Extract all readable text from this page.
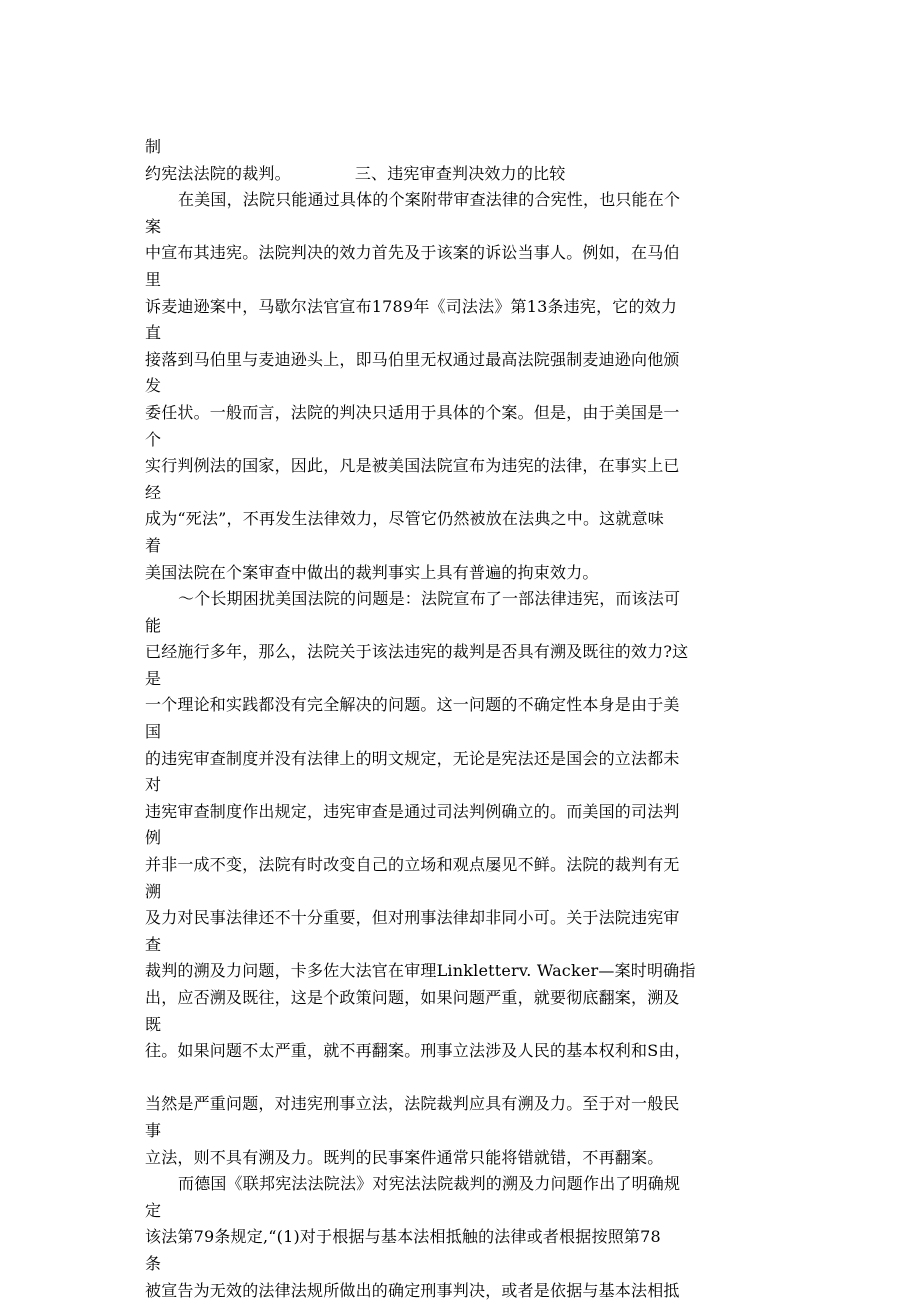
制
约宪法法院的裁判。	三、违宪审查判决效力的比较
在美国，法院只能通过具体的个案附带审查法律的合宪性，也只能在个
案
中宣布其违宪。法院判决的效力首先及于该案的诉讼当事人。例如，在马伯
里
诉麦迪逊案中，马歇尔法官宣布1789年《司法法》第13条违宪，它的效力
直
接落到马伯里与麦迪逊头上，即马伯里无权通过最高法院强制麦迪逊向他颁
发
委任状。一般而言，法院的判决只适用于具体的个案。但是，由于美国是一
个
实行判例法的国家，因此，凡是被美国法院宣布为违宪的法律，在事实上已
经
成为“死法”，不再发生法律效力，尽管它仍然被放在法典之中。这就意味
着
美国法院在个案审查中做出的裁判事实上具有普遍的拘束效力。
〜个长期困扰美国法院的问题是：法院宣布了一部法律违宪，而该法可
能
已经施行多年，那么，法院关于该法违宪的裁判是否具有溯及既往的效力?这
是
一个理论和实践都没有完全解决的问题。这一问题的不确定性本身是由于美
国
的违宪审查制度并没有法律上的明文规定，无论是宪法还是国会的立法都未
对
违宪审查制度作出规定，违宪审查是通过司法判例确立的。而美国的司法判
例
并非一成不变，法院有时改变自己的立场和观点屡见不鲜。法院的裁判有无
溯
及力对民事法律还不十分重要，但对刑事法律却非同小可。关于法院违宪审
查
裁判的溯及力问题，卡多佐大法官在审理Linkletterv. Wacker—案时明确指
出，应否溯及既往，这是个政策问题，如果问题严重，就要彻底翻案，溯及
既
往。如果问题不太严重，就不再翻案。刑事立法涉及人民的基本权利和S由，
当然是严重问题，对违宪刑事立法，法院裁判应具有溯及力。至于对一般民
事
立法，则不具有溯及力。既判的民事案件通常只能将错就错，不再翻案。
而德国《联邦宪法法院法》对宪法法院裁判的溯及力问题作出了明确规
定
该法第79条规定,“(1)对于根据与基本法相抵触的法律或者根据按照第78
条
被宣告为无效的法律法规所做出的确定刑事判决，或者是依据与基本法相抵
